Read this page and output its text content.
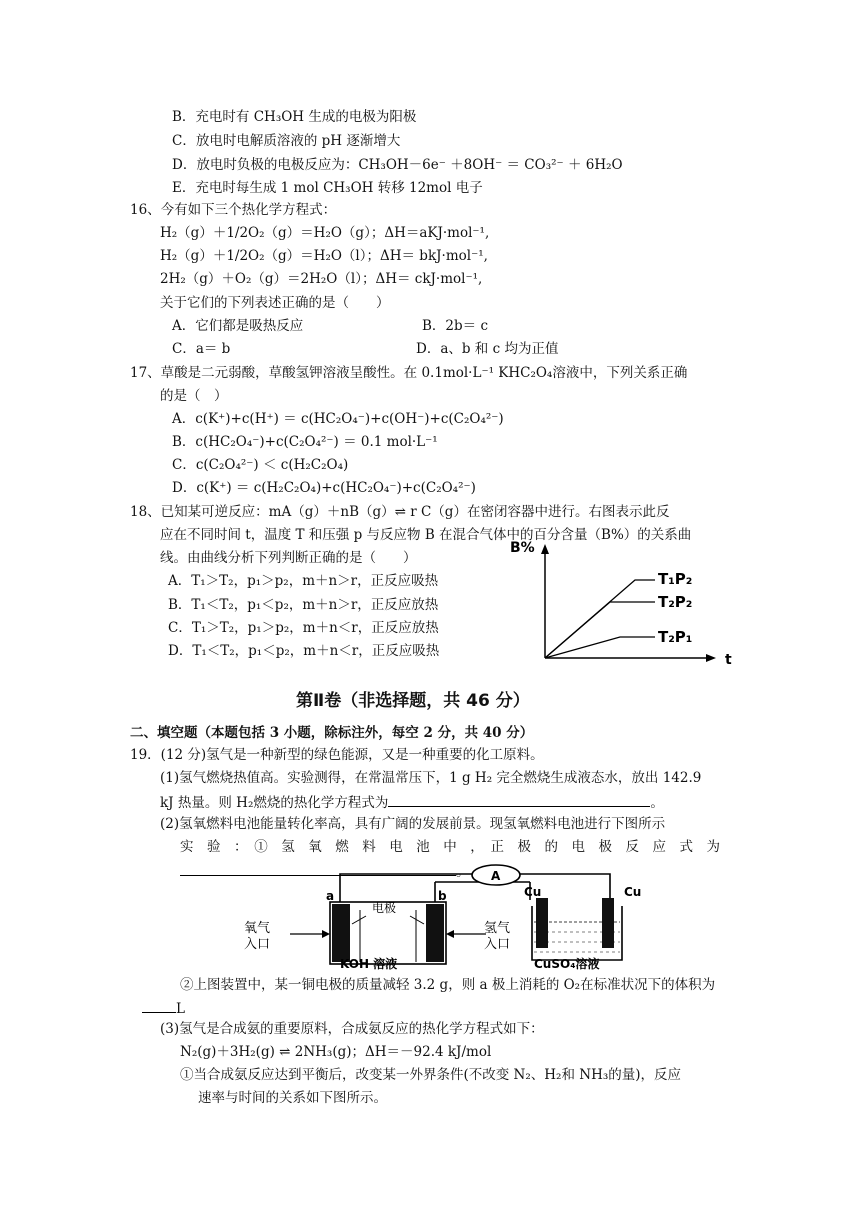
B．充电时有 CH₃OH 生成的电极为阳极
C．放电时电解质溶液的 pH 逐渐增大
D．放电时负极的电极反应为：CH₃OH－6e⁻ ＋8OH⁻ ＝ CO₃²⁻ ＋ 6H₂O
E．充电时每生成 1 mol CH₃OH 转移 12mol 电子
16、今有如下三个热化学方程式：
H₂（g）＋1/2O₂（g）＝H₂O（g）；ΔH＝aKJ·mol⁻¹,
H₂（g）＋1/2O₂（g）＝H₂O（l）；ΔH＝ bkJ·mol⁻¹,
2H₂（g）＋O₂（g）＝2H₂O（l）；ΔH＝ ckJ·mol⁻¹,
关于它们的下列表述正确的是（　　）
A．它们都是吸热反应	B．2b＝ c
C．a＝ b	D．a、b 和 c 均为正值
17、草酸是二元弱酸，草酸氢钾溶液呈酸性。在 0.1mol·L⁻¹ KHC₂O₄溶液中，下列关系正确
的是（　）
A．c(K⁺)+c(H⁺) ＝ c(HC₂O₄⁻)+c(OH⁻)+c(C₂O₄²⁻)
B．c(HC₂O₄⁻)+c(C₂O₄²⁻) ＝ 0.1 mol·L⁻¹
C．c(C₂O₄²⁻) ＜ c(H₂C₂O₄)
D．c(K⁺) ＝ c(H₂C₂O₄)+c(HC₂O₄⁻)+c(C₂O₄²⁻)
18、已知某可逆反应：mA（g）＋nB（g）⇌ r C（g）在密闭容器中进行。右图表示此反
应在不同时间 t，温度 T 和压强 p 与反应物 B 在混合气体中的百分含量（B%）的关系曲
线。由曲线分析下列判断正确的是（　　）
A．T₁＞T₂，p₁＞p₂，m＋n＞r，正反应吸热
B．T₁＜T₂，p₁＜p₂，m＋n＞r，正反应放热
C．T₁＞T₂，p₁＞p₂，m＋n＜r，正反应放热
D．T₁＜T₂，p₁＜p₂，m＋n＜r，正反应吸热
B%
t
T₁P₂
T₂P₂
T₂P₁
第Ⅱ卷（非选择题，共 46 分）
二、填空题（本题包括 3 小题，除标注外，每空 2 分，共 40 分）
19．(12 分)氢气是一种新型的绿色能源，又是一种重要的化工原料。
(1)氢气燃烧热值高。实验测得，在常温常压下，1 g H₂ 完全燃烧生成液态水，放出 142.9
kJ 热量。则 H₂燃烧的热化学方程式为	。
(2)氢氧燃料电池能量转化率高，具有广阔的发展前景。现氢氧燃料电池进行下图所示
实　验　：　①　氢　氧　燃　料　电　池　中　，　正　极　的　电　极　反　应　式　为
。 A
a	b
电极
氧气
入口
氢气
入口
KOH 溶液
Cu	Cu
CuSO₄溶液
②上图装置中，某一铜电极的质量减轻 3.2 g，则 a 极上消耗的 O₂在标准状况下的体积为
L
(3)氢气是合成氨的重要原料，合成氨反应的热化学方程式如下：
N₂(g)＋3H₂(g) ⇌ 2NH₃(g)；ΔH＝－92.4 kJ/mol
①当合成氨反应达到平衡后，改变某一外界条件(不改变 N₂、H₂和 NH₃的量)，反应
速率与时间的关系如下图所示。
